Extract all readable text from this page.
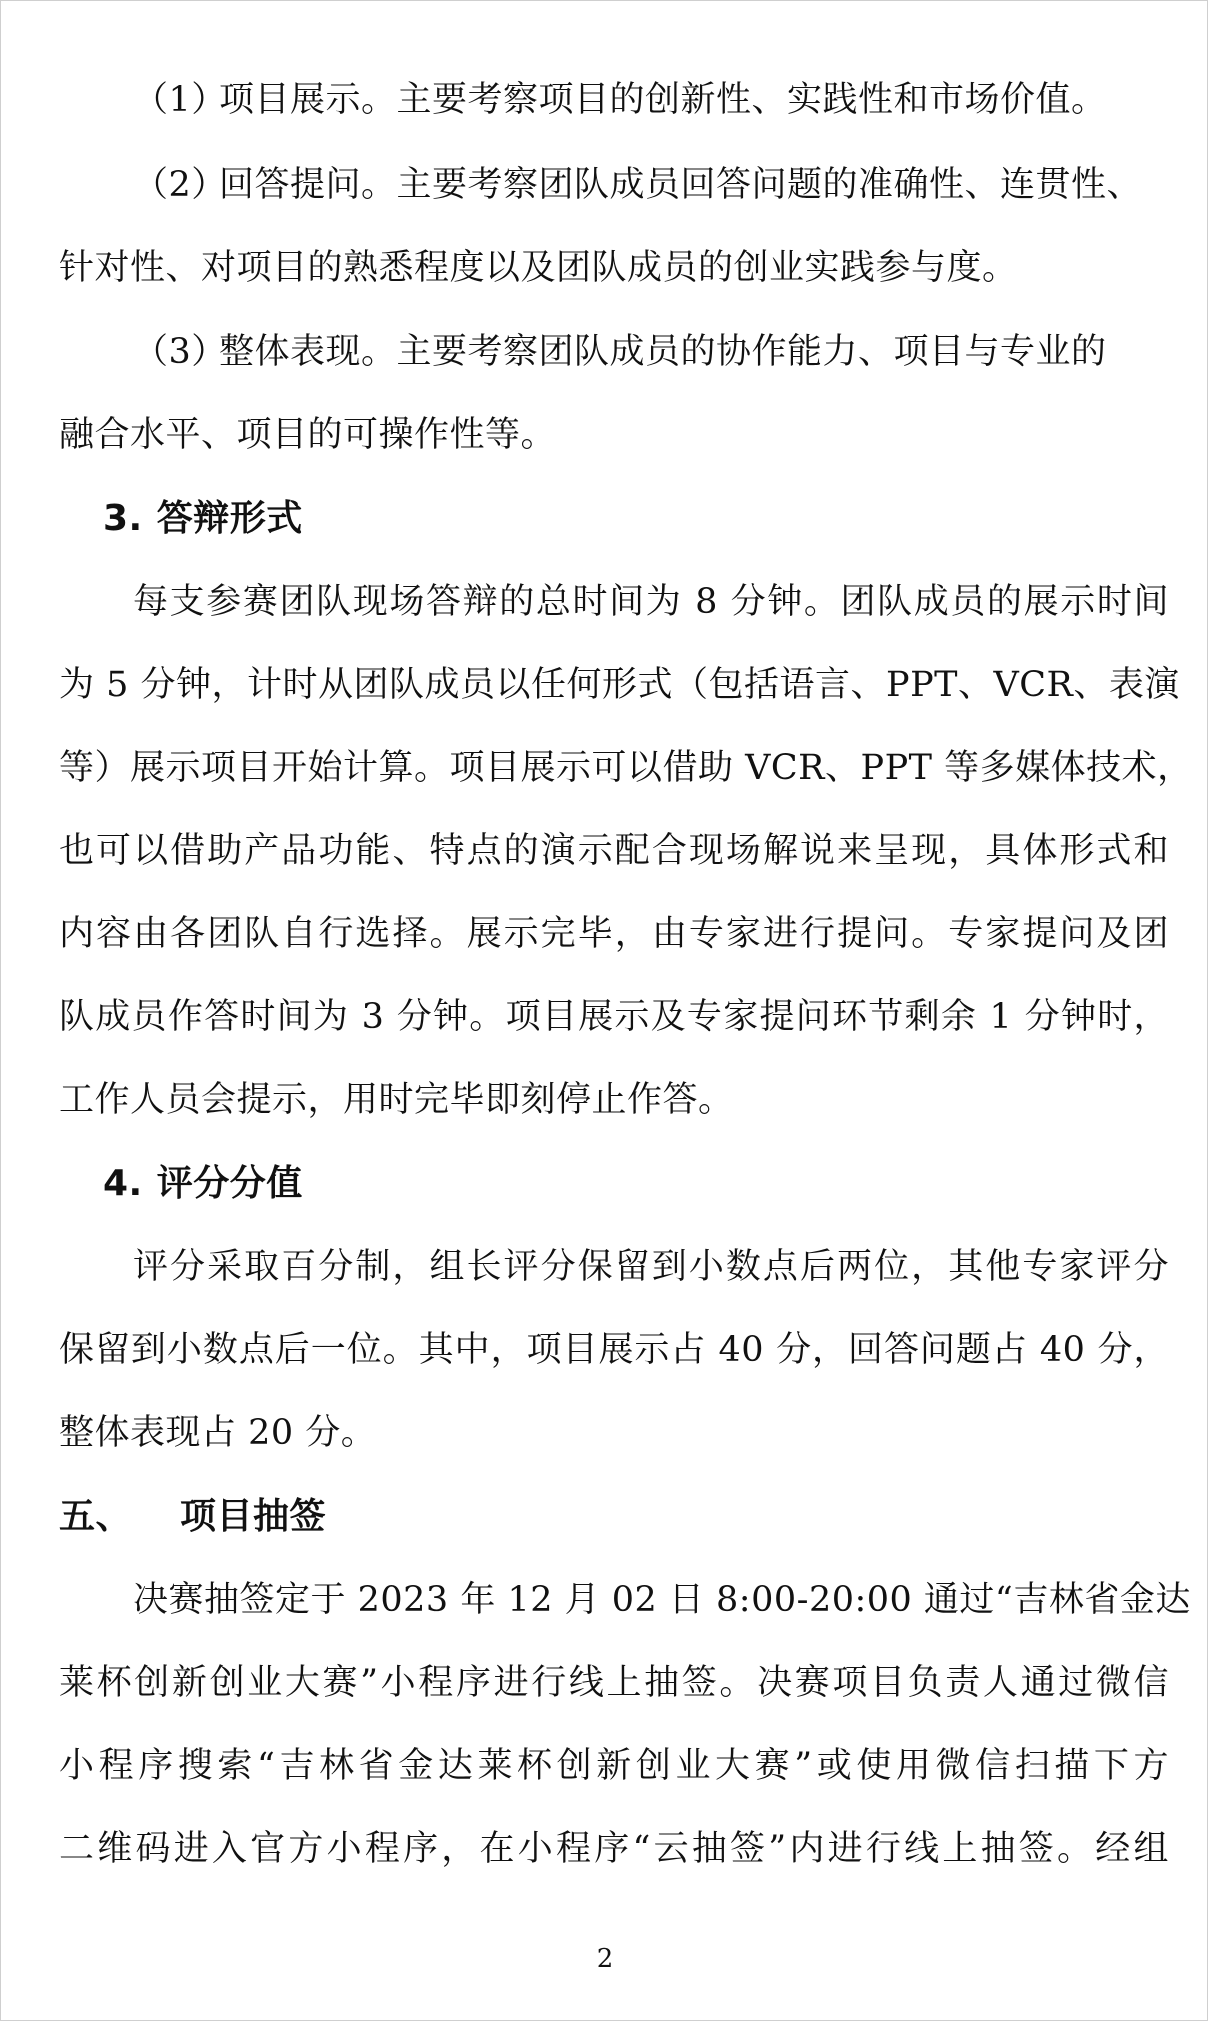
（1）项目展示。主要考察项目的创新性、实践性和市场价值。
（2）回答提问。主要考察团队成员回答问题的准确性、连贯性、
针对性、对项目的熟悉程度以及团队成员的创业实践参与度。
（3）整体表现。主要考察团队成员的协作能力、项目与专业的
融合水平、项目的可操作性等。
3. 答辩形式
每支参赛团队现场答辩的总时间为 8 分钟。团队成员的展示时间
为 5 分钟，计时从团队成员以任何形式（包括语言、PPT、VCR、表演
等）展示项目开始计算。项目展示可以借助 VCR、PPT 等多媒体技术，
也可以借助产品功能、特点的演示配合现场解说来呈现，具体形式和
内容由各团队自行选择。展示完毕，由专家进行提问。专家提问及团
队成员作答时间为 3 分钟。项目展示及专家提问环节剩余 1 分钟时，
工作人员会提示，用时完毕即刻停止作答。
4. 评分分值
评分采取百分制，组长评分保留到小数点后两位，其他专家评分
保留到小数点后一位。其中，项目展示占 40 分，回答问题占 40 分，
整体表现占 20 分。
五、 项目抽签
决赛抽签定于 2023 年 12 月 02 日 8:00-20:00 通过“吉林省金达
莱杯创新创业大赛”小程序进行线上抽签。决赛项目负责人通过微信
小程序搜索“吉林省金达莱杯创新创业大赛”或使用微信扫描下方
二维码进入官方小程序，在小程序“云抽签”内进行线上抽签。经组
2
